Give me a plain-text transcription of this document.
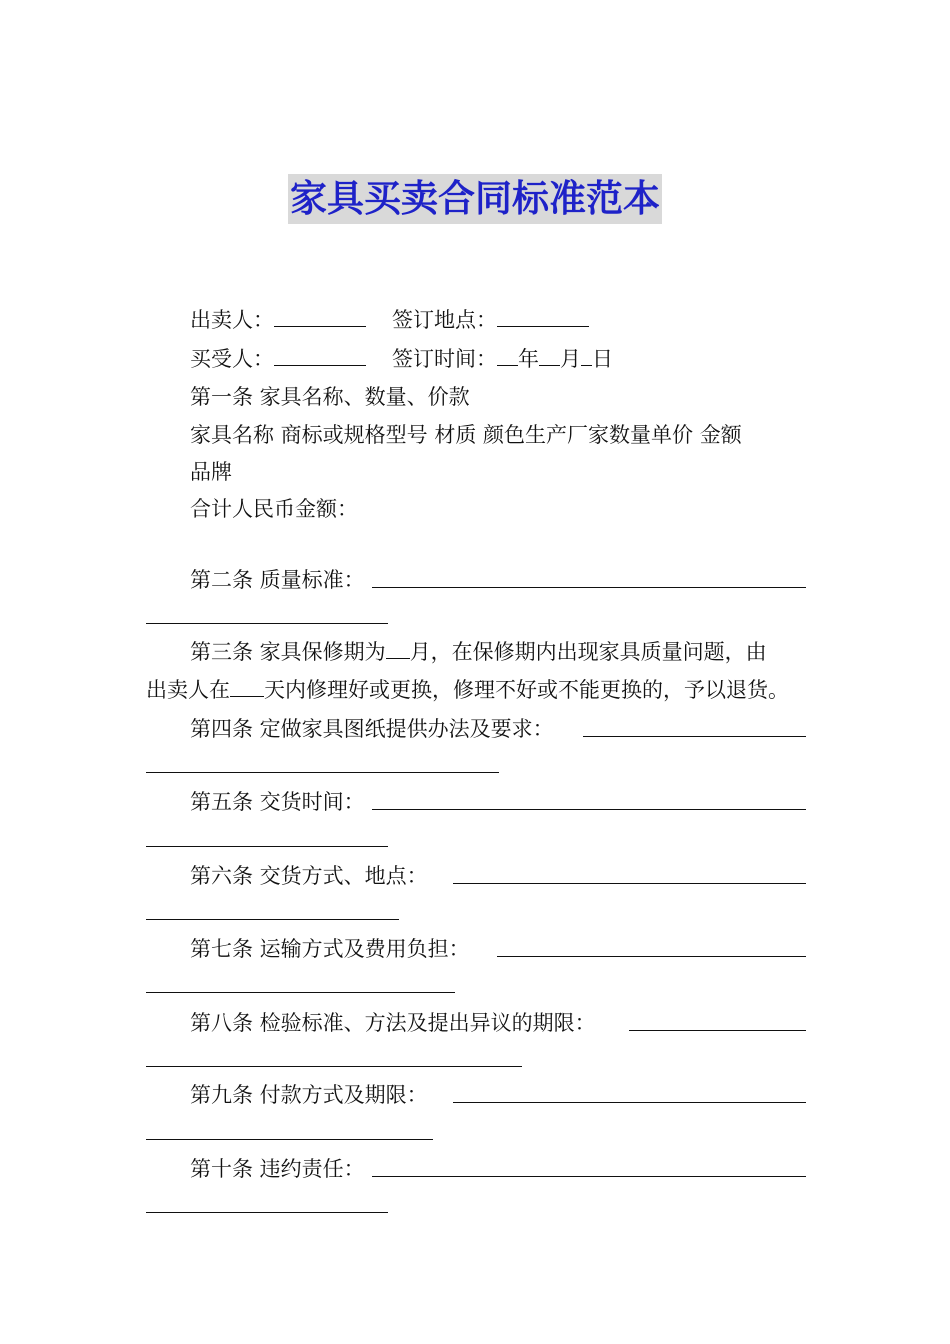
家具买卖合同标准范本
出卖人：	签订地点：
买受人：	签订时间： 年 月 日
第一条 家具名称、数量、价款
家具名称 商标或规格型号 材质 颜色生产厂家数量单价 金额
品牌
合计人民币金额：
第二条 质量标准：
第三条 家具保修期为 月，在保修期内出现家具质量问题，由
出卖人在 天内修理好或更换，修理不好或不能更换的，予以退货。
第四条 定做家具图纸提供办法及要求：
第五条 交货时间：
第六条 交货方式、地点：
第七条 运输方式及费用负担：
第八条 检验标准、方法及提出异议的期限：
第九条 付款方式及期限：
第十条 违约责任：
